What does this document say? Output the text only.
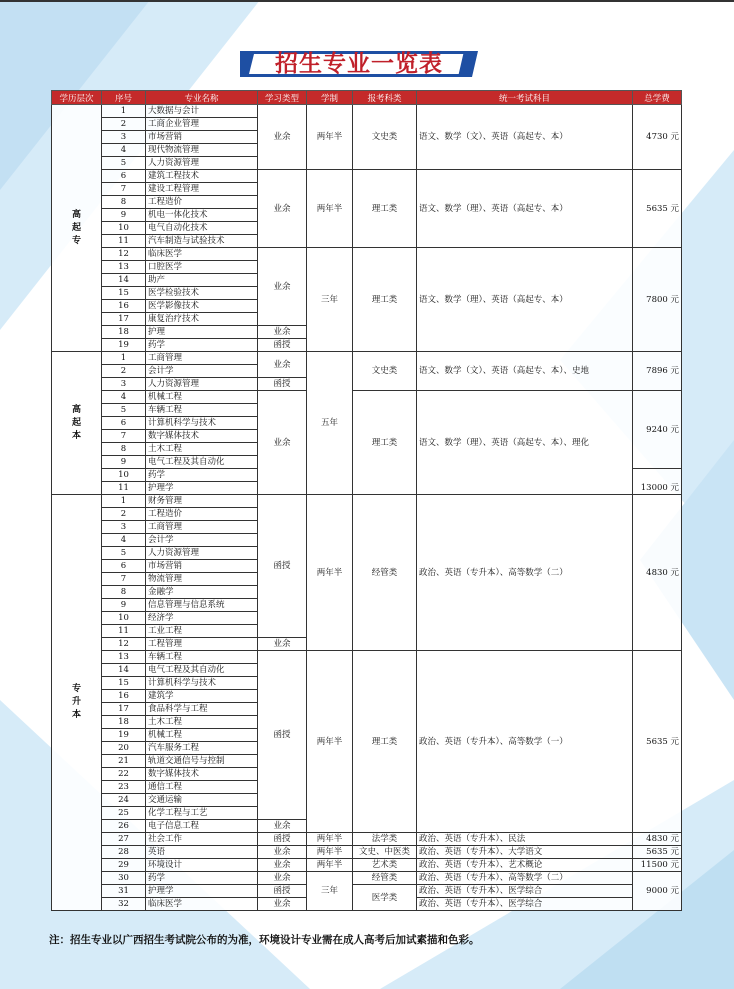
招生专业一览表
学历层次	序号	专业名称	学习类型	学制	报考科类	统一考试科目	总学费

高起专	1	大数据与会计	业余	两年半	文史类	语文、数学（文）、英语（高起专、本）	4730 元
	2	工商企业管理					
	3	市场营销					
	4	现代物流管理					
	5	人力资源管理					
	6	建筑工程技术	业余	两年半	理工类	语文、数学（理）、英语（高起专、本）	5635 元
	7	建设工程管理					
	8	工程造价					
	9	机电一体化技术					
	10	电气自动化技术					
	11	汽车制造与试验技术					
	12	临床医学	业余	三年	理工类	语文、数学（理）、英语（高起专、本）	7800 元
	13	口腔医学					
	14	助产					
	15	医学检验技术					
	16	医学影像技术					
	17	康复治疗技术					
	18	护理	业余				
	19	药学	函授				

高起本	1	工商管理	业余	五年	文史类	语文、数学（文）、英语（高起专、本）、史地	7896 元
	2	会计学					
	3	人力资源管理	函授				
	4	机械工程	业余		理工类	语文、数学（理）、英语（高起专、本）、理化	9240 元
	5	车辆工程					
	6	计算机科学与技术					
	7	数字媒体技术					
	8	土木工程					
	9	电气工程及其自动化					
	10	药学					13000 元
	11	护理学					

专升本	1	财务管理	函授	两年半	经管类	政治、英语（专升本）、高等数学（二）	4830 元
	2	工程造价					
	3	工商管理					
	4	会计学					
	5	人力资源管理					
	6	市场营销					
	7	物流管理					
	8	金融学					
	9	信息管理与信息系统					
	10	经济学					
	11	工业工程					
	12	工程管理	业余				
	13	车辆工程	函授	两年半	理工类	政治、英语（专升本）、高等数学（一）	5635 元
	14	电气工程及其自动化					
	15	计算机科学与技术					
	16	建筑学					
	17	食品科学与工程					
	18	土木工程					
	19	机械工程					
	20	汽车服务工程					
	21	轨道交通信号与控制					
	22	数字媒体技术					
	23	通信工程					
	24	交通运输					
	25	化学工程与工艺					
	26	电子信息工程	业余				
	27	社会工作	函授	两年半	法学类	政治、英语（专升本）、民法	4830 元
	28	英语	业余	两年半	文史、中医类	政治、英语（专升本）、大学语文	5635 元
	29	环境设计	业余	两年半	艺术类	政治、英语（专升本）、艺术概论	11500 元
	30	药学	业余	三年	经管类	政治、英语（专升本）、高等数学（二）	9000 元
	31	护理学	函授		医学类	政治、英语（专升本）、医学综合	
	32	临床医学	业余			政治、英语（专升本）、医学综合	
注：招生专业以广西招生考试院公布的为准，环境设计专业需在成人高考后加试素描和色彩。
